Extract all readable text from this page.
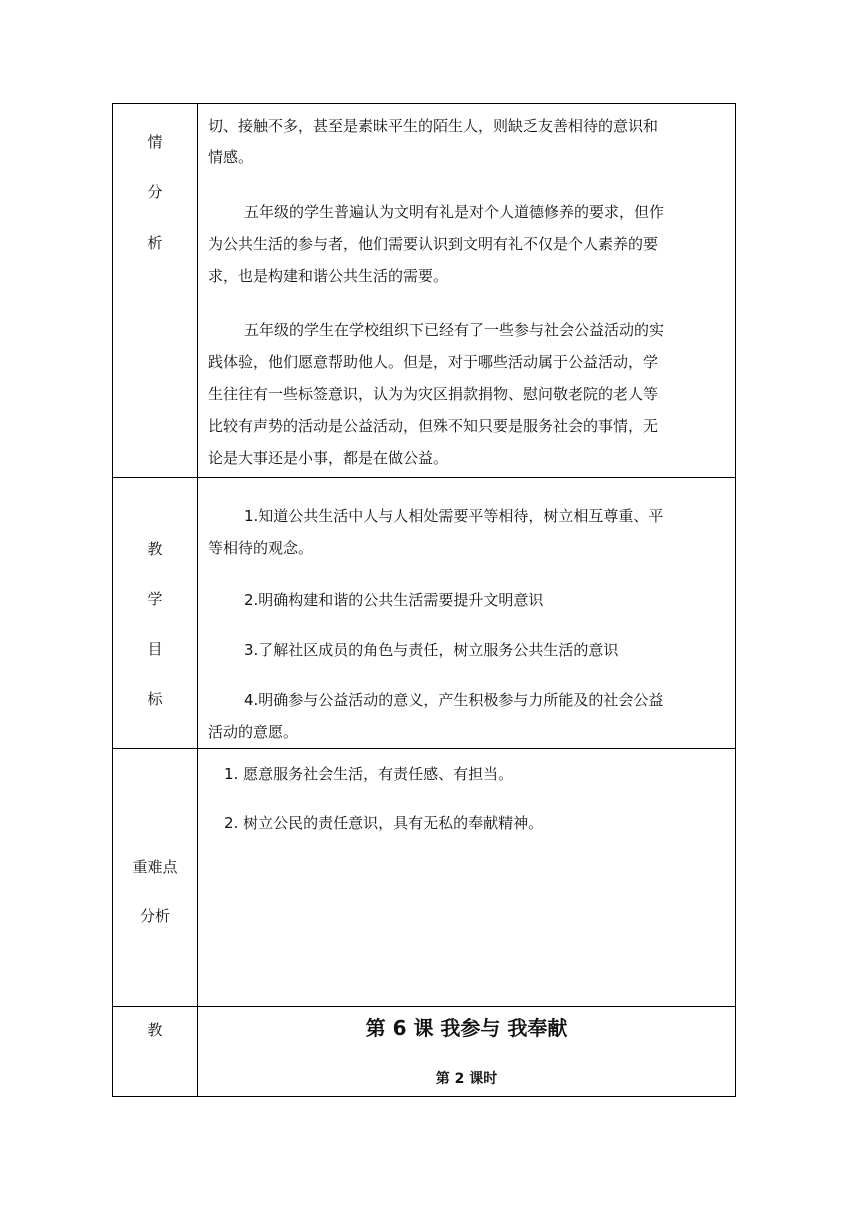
情
分
析
切、接触不多，甚至是素昧平生的陌生人，则缺乏友善相待的意识和
情感。
五年级的学生普遍认为文明有礼是对个人道德修养的要求，但作
为公共生活的参与者，他们需要认识到文明有礼不仅是个人素养的要
求，也是构建和谐公共生活的需要。
五年级的学生在学校组织下已经有了一些参与社会公益活动的实
践体验，他们愿意帮助他人。但是，对于哪些活动属于公益活动，学
生往往有一些标签意识，认为为灾区捐款捐物、慰问敬老院的老人等
比较有声势的活动是公益活动，但殊不知只要是服务社会的事情，无
论是大事还是小事，都是在做公益。
教
学
目
标
1.知道公共生活中人与人相处需要平等相待，树立相互尊重、平
等相待的观念。
2.明确构建和谐的公共生活需要提升文明意识
3.了解社区成员的角色与责任，树立服务公共生活的意识
4.明确参与公益活动的意义，产生积极参与力所能及的社会公益
活动的意愿。
重难点
分析
1. 愿意服务社会生活，有责任感、有担当。
2. 树立公民的责任意识，具有无私的奉献精神。
教	第 6 课 我参与 我奉献
第 2 课时
